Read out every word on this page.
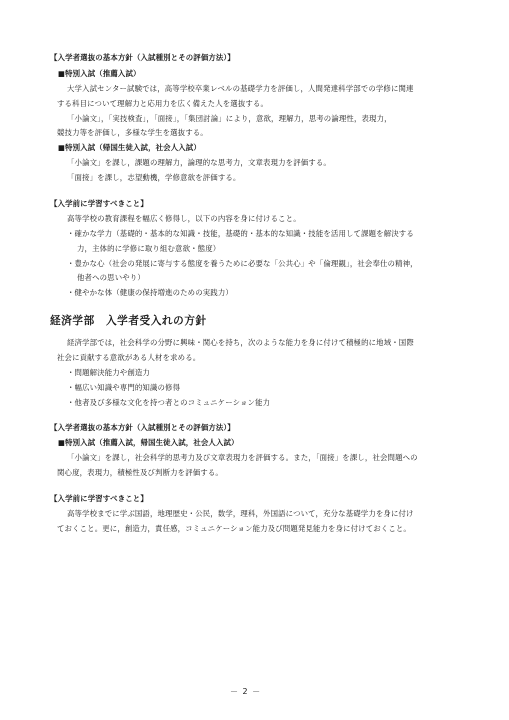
【入学者選抜の基本方針（入試種別とその評価方法）】

■特別入試（推薦入試）

大学入試センター試験では，高等学校卒業レベルの基礎学力を評価し，人間発達科学部での学修に関連

する科目について理解力と応用力を広く備えた人を選抜する。

「小論文」，「実技検査」，「面接」，「集団討論」により，意欲，理解力，思考の論理性，表現力，

競技力等を評価し，多様な学生を選抜する。

■特別入試（帰国生徒入試，社会人入試）

「小論文」を課し，課題の理解力，論理的な思考力，文章表現力を評価する。

「面接」を課し，志望動機，学修意欲を評価する。

【入学前に学習すべきこと】

高等学校の教育課程を幅広く修得し，以下の内容を身に付けること。

・確かな学力（基礎的・基本的な知識・技能，基礎的・基本的な知識・技能を活用して課題を解決する

力，主体的に学修に取り組む意欲・態度）

・豊かな心（社会の発展に寄与する態度を養うために必要な「公共心」や「倫理観」，社会奉仕の精神，

他者への思いやり）

・健やかな体（健康の保持増進のための実践力）

経済学部　入学者受入れの方針

経済学部では，社会科学の分野に興味・関心を持ち，次のような能力を身に付けて積極的に地域・国際

社会に貢献する意欲がある人材を求める。

・問題解決能力や創造力

・幅広い知識や専門的知識の修得

・他者及び多様な文化を持つ者とのコミュニケーション能力

【入学者選抜の基本方針（入試種別とその評価方法）】

■特別入試（推薦入試，帰国生徒入試，社会人入試）

「小論文」を課し，社会科学的思考力及び文章表現力を評価する。また，「面接」を課し，社会問題への

関心度，表現力，積極性及び判断力を評価する。

【入学前に学習すべきこと】

高等学校までに学ぶ国語，地理歴史・公民，数学，理科，外国語について，充分な基礎学力を身に付け

ておくこと。更に，創造力，責任感，コミュニケーション能力及び問題発見能力を身に付けておくこと。

－ 2 －
